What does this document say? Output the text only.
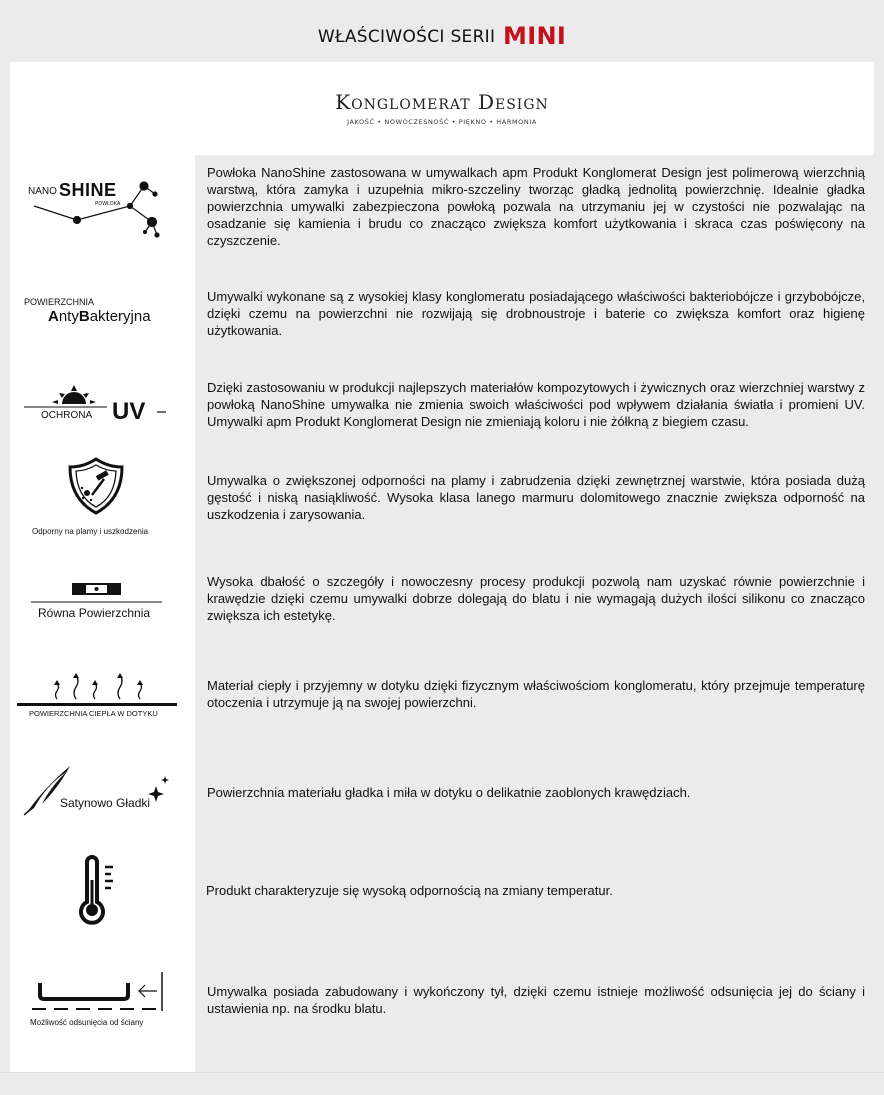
WŁAŚCIWOŚCI SERII MINI
Konglomerat Design
JAKOŚĆ • NOWOCZESNOŚĆ • PIĘKNO • HARMONIA
NANO SHINE
POWŁOKA
Powłoka NanoShine zastosowana w umywalkach apm Produkt Konglomerat Design jest polimerową wierzchnią warstwą, która zamyka i uzupełnia mikro-szczeliny tworząc gładką jednolitą powierzchnię. Idealnie gładka powierzchnia umywalki zabezpieczona powłoką pozwala na utrzymaniu jej w czystości nie pozwalając na osadzanie się kamienia i brudu co znacząco zwiększa komfort użytkowania i skraca czas poświęcony na czyszczenie.
POWIERZCHNIA
AntyBakteryjna
Umywalki wykonane są z wysokiej klasy konglomeratu posiadającego właściwości bakteriobójcze i grzybobójcze, dzięki czemu na powierzchni nie rozwijają się drobnoustroje i baterie co zwiększa komfort oraz higienę użytkowania.
OCHRONA UV
Dzięki zastosowaniu w produkcji najlepszych materiałów kompozytowych i żywicznych oraz wierzchniej warstwy z powłoką NanoShine umywalka nie zmienia swoich właściwości pod wpływem działania światła i promieni UV. Umywalki apm Produkt Konglomerat Design nie zmieniają koloru i nie żółkną z biegiem czasu.
Odporny na plamy i uszkodzenia
Umywalka o zwiększonej odporności na plamy i zabrudzenia dzięki zewnętrznej warstwie, która posiada dużą gęstość i niską nasiąkliwość. Wysoka klasa lanego marmuru dolomitowego znacznie zwiększa odporność na uszkodzenia i zarysowania.
Równa Powierzchnia
Wysoka dbałość o szczegóły i nowoczesny procesy produkcji pozwolą nam uzyskać równie powierzchnie i krawędzie dzięki czemu umywalki dobrze dolegają do blatu i nie wymagają dużych ilości silikonu co znacząco zwiększa ich estetykę.
POWIERZCHNIA CIEPŁA W DOTYKU
Materiał ciepły i przyjemny w dotyku dzięki fizycznym właściwościom konglomeratu, który przejmuje temperaturę otoczenia i utrzymuje ją na swojej powierzchni.
Satynowo Gładki
Powierzchnia materiału gładka i miła w dotyku o delikatnie zaoblonych krawędziach.
Produkt charakteryzuje się wysoką odpornością na zmiany temperatur.
Możliwość odsunięcia od ściany
Umywalka posiada zabudowany i wykończony tył, dzięki czemu istnieje możliwość odsunięcia jej do ściany i ustawienia np. na środku blatu.
